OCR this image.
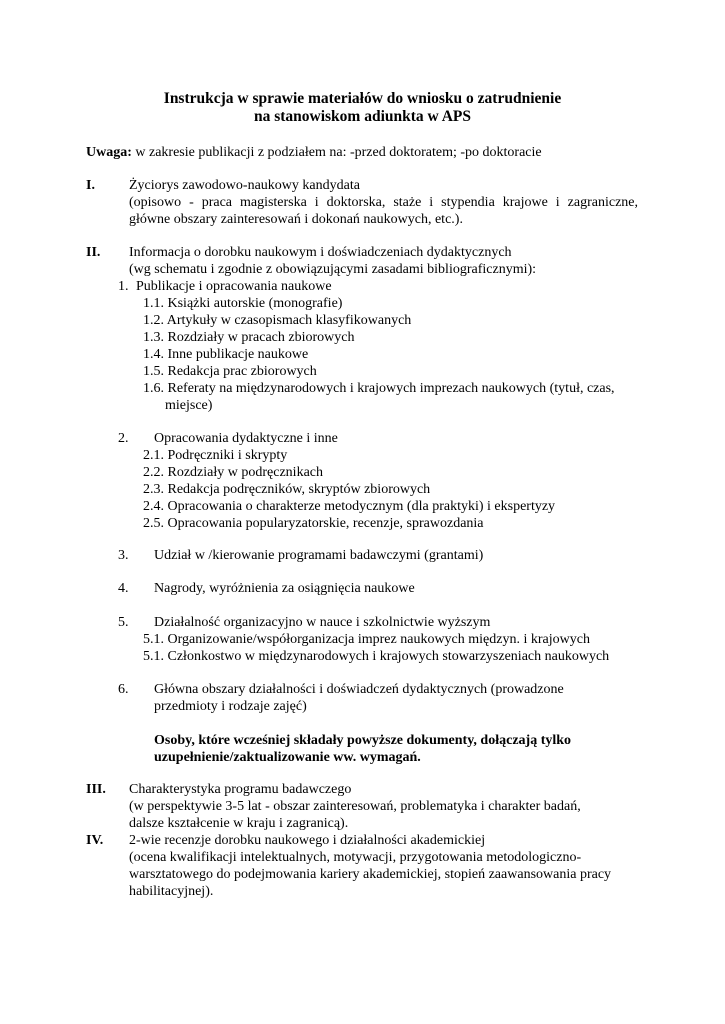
Instrukcja w sprawie materiałów do wniosku o zatrudnienie
na stanowiskom adiunkta w APS
Uwaga: w zakresie publikacji z podziałem na: -przed doktoratem; -po doktoracie
I. Życiorys zawodowo-naukowy kandydata
(opisowo - praca magisterska i doktorska, staże i stypendia krajowe i zagraniczne,
główne obszary zainteresowań i dokonań naukowych, etc.).
II. Informacja o dorobku naukowym i doświadczeniach dydaktycznych
(wg schematu i zgodnie z obowiązującymi zasadami bibliograficznymi):
1. Publikacje i opracowania naukowe
1.1. Książki autorskie (monografie)
1.2. Artykuły w czasopismach klasyfikowanych
1.3. Rozdziały w pracach zbiorowych
1.4. Inne publikacje naukowe
1.5. Redakcja prac zbiorowych
1.6. Referaty na międzynarodowych i krajowych imprezach naukowych (tytuł, czas,
miejsce)
2. Opracowania dydaktyczne i inne
2.1. Podręczniki i skrypty
2.2. Rozdziały w podręcznikach
2.3. Redakcja podręczników, skryptów zbiorowych
2.4. Opracowania o charakterze metodycznym (dla praktyki) i ekspertyzy
2.5. Opracowania popularyzatorskie, recenzje, sprawozdania
3. Udział w /kierowanie programami badawczymi (grantami)
4. Nagrody, wyróżnienia za osiągnięcia naukowe
5. Działalność organizacyjno w nauce i szkolnictwie wyższym
5.1. Organizowanie/współorganizacja imprez naukowych międzyn. i krajowych
5.1. Członkostwo w międzynarodowych i krajowych stowarzyszeniach naukowych
6. Główna obszary działalności i doświadczeń dydaktycznych (prowadzone
przedmioty i rodzaje zajęć)
Osoby, które wcześniej składały powyższe dokumenty, dołączają tylko
uzupełnienie/zaktualizowanie ww. wymagań.
III. Charakterystyka programu badawczego
(w perspektywie 3-5 lat - obszar zainteresowań, problematyka i charakter badań,
dalsze kształcenie w kraju i zagranicą).
IV. 2-wie recenzje dorobku naukowego i działalności akademickiej
(ocena kwalifikacji intelektualnych, motywacji, przygotowania metodologiczno-
warsztatowego do podejmowania kariery akademickiej, stopień zaawansowania pracy
habilitacyjnej).
